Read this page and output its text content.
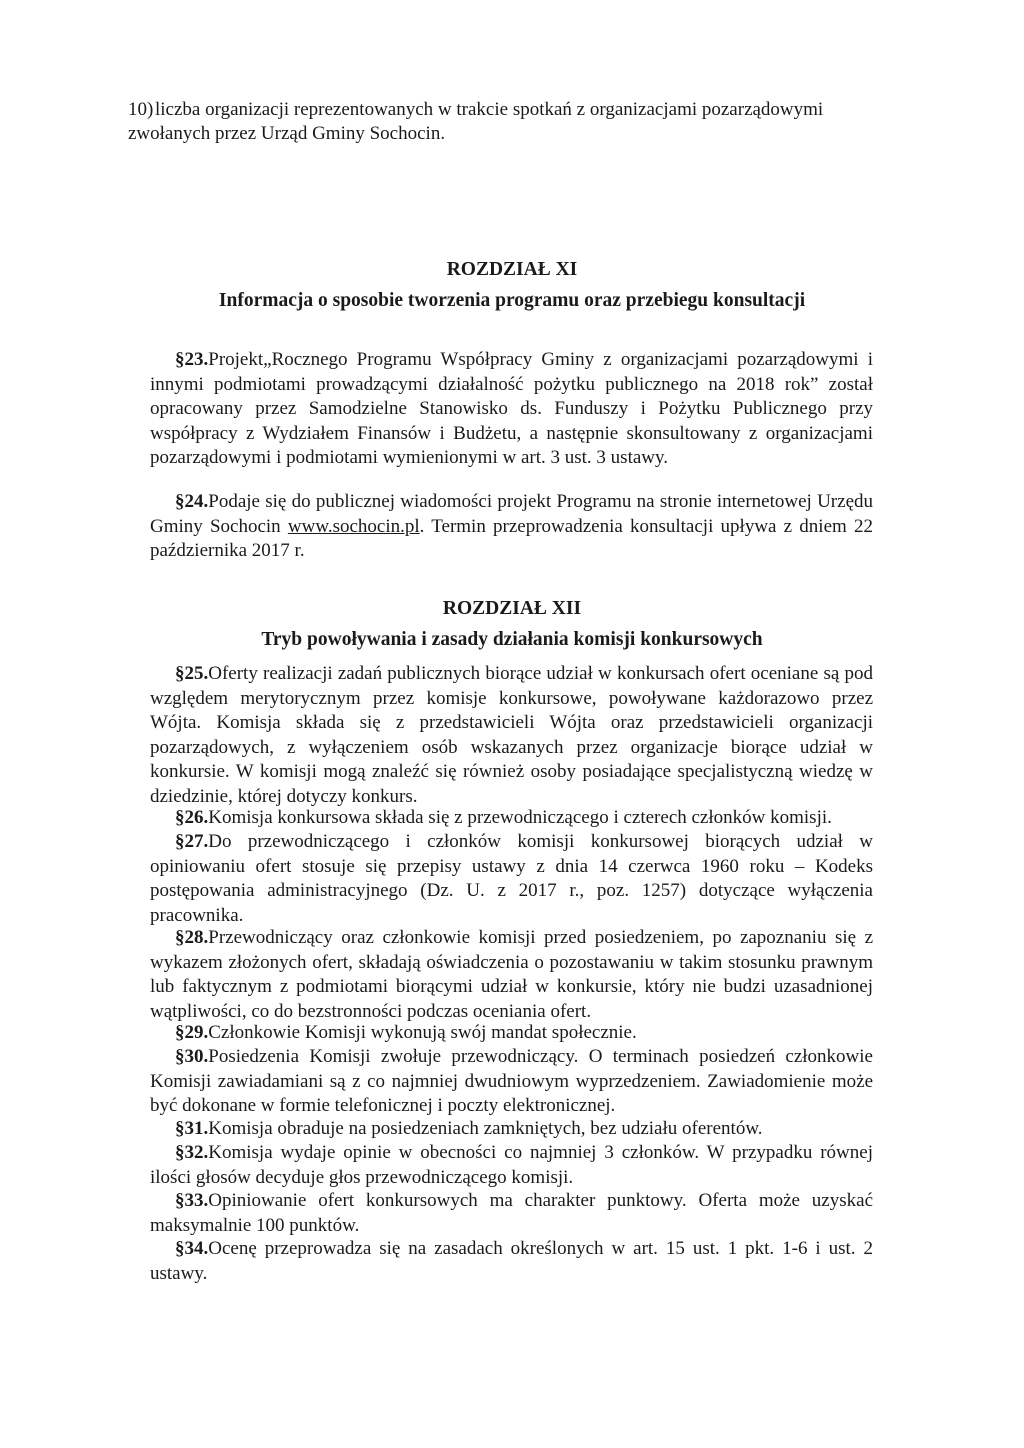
10)liczba organizacji reprezentowanych w trakcie spotkań z organizacjami pozarządowymi zwołanych przez Urząd Gminy Sochocin.
ROZDZIAŁ XI
Informacja o sposobie tworzenia programu oraz przebiegu konsultacji
§23.Projekt„Rocznego Programu Współpracy Gminy z organizacjami pozarządowymi i innymi podmiotami prowadzącymi działalność pożytku publicznego na 2018 rok” został opracowany przez Samodzielne Stanowisko ds. Funduszy i Pożytku Publicznego przy współpracy z Wydziałem Finansów i Budżetu, a następnie skonsultowany z organizacjami pozarządowymi i podmiotami wymienionymi w art. 3 ust. 3 ustawy.
§24.Podaje się do publicznej wiadomości projekt Programu na stronie internetowej Urzędu Gminy Sochocin www.sochocin.pl. Termin przeprowadzenia konsultacji upływa z dniem 22 października 2017 r.
ROZDZIAŁ XII
Tryb powoływania i zasady działania komisji konkursowych
§25.Oferty realizacji zadań publicznych biorące udział w konkursach ofert oceniane są pod względem merytorycznym przez komisje konkursowe, powoływane każdorazowo przez Wójta. Komisja składa się z przedstawicieli Wójta oraz przedstawicieli organizacji pozarządowych, z wyłączeniem osób wskazanych przez organizacje biorące udział w konkursie. W komisji mogą znaleźć się również osoby posiadające specjalistyczną wiedzę w dziedzinie, której dotyczy konkurs.
§26.Komisja konkursowa składa się z przewodniczącego i czterech członków komisji.
§27.Do przewodniczącego i członków komisji konkursowej biorących udział w opiniowaniu ofert stosuje się przepisy ustawy z dnia 14 czerwca 1960 roku – Kodeks postępowania administracyjnego (Dz. U. z 2017 r., poz. 1257) dotyczące wyłączenia pracownika.
§28.Przewodniczący oraz członkowie komisji przed posiedzeniem, po zapoznaniu się z wykazem złożonych ofert, składają oświadczenia o pozostawaniu w takim stosunku prawnym lub faktycznym z podmiotami biorącymi udział w konkursie, który nie budzi uzasadnionej wątpliwości, co do bezstronności podczas oceniania ofert.
§29.Członkowie Komisji wykonują swój mandat społecznie.
§30.Posiedzenia Komisji zwołuje przewodniczący. O terminach posiedzeń członkowie Komisji zawiadamiani są z co najmniej dwudniowym wyprzedzeniem. Zawiadomienie może być dokonane w formie telefonicznej i poczty elektronicznej.
§31.Komisja obraduje na posiedzeniach zamkniętych, bez udziału oferentów.
§32.Komisja wydaje opinie w obecności co najmniej 3 członków. W przypadku równej ilości głosów decyduje głos przewodniczącego komisji.
§33.Opiniowanie ofert konkursowych ma charakter punktowy. Oferta może uzyskać maksymalnie 100 punktów.
§34.Ocenę przeprowadza się na zasadach określonych w art. 15 ust. 1 pkt. 1-6 i ust. 2 ustawy.
